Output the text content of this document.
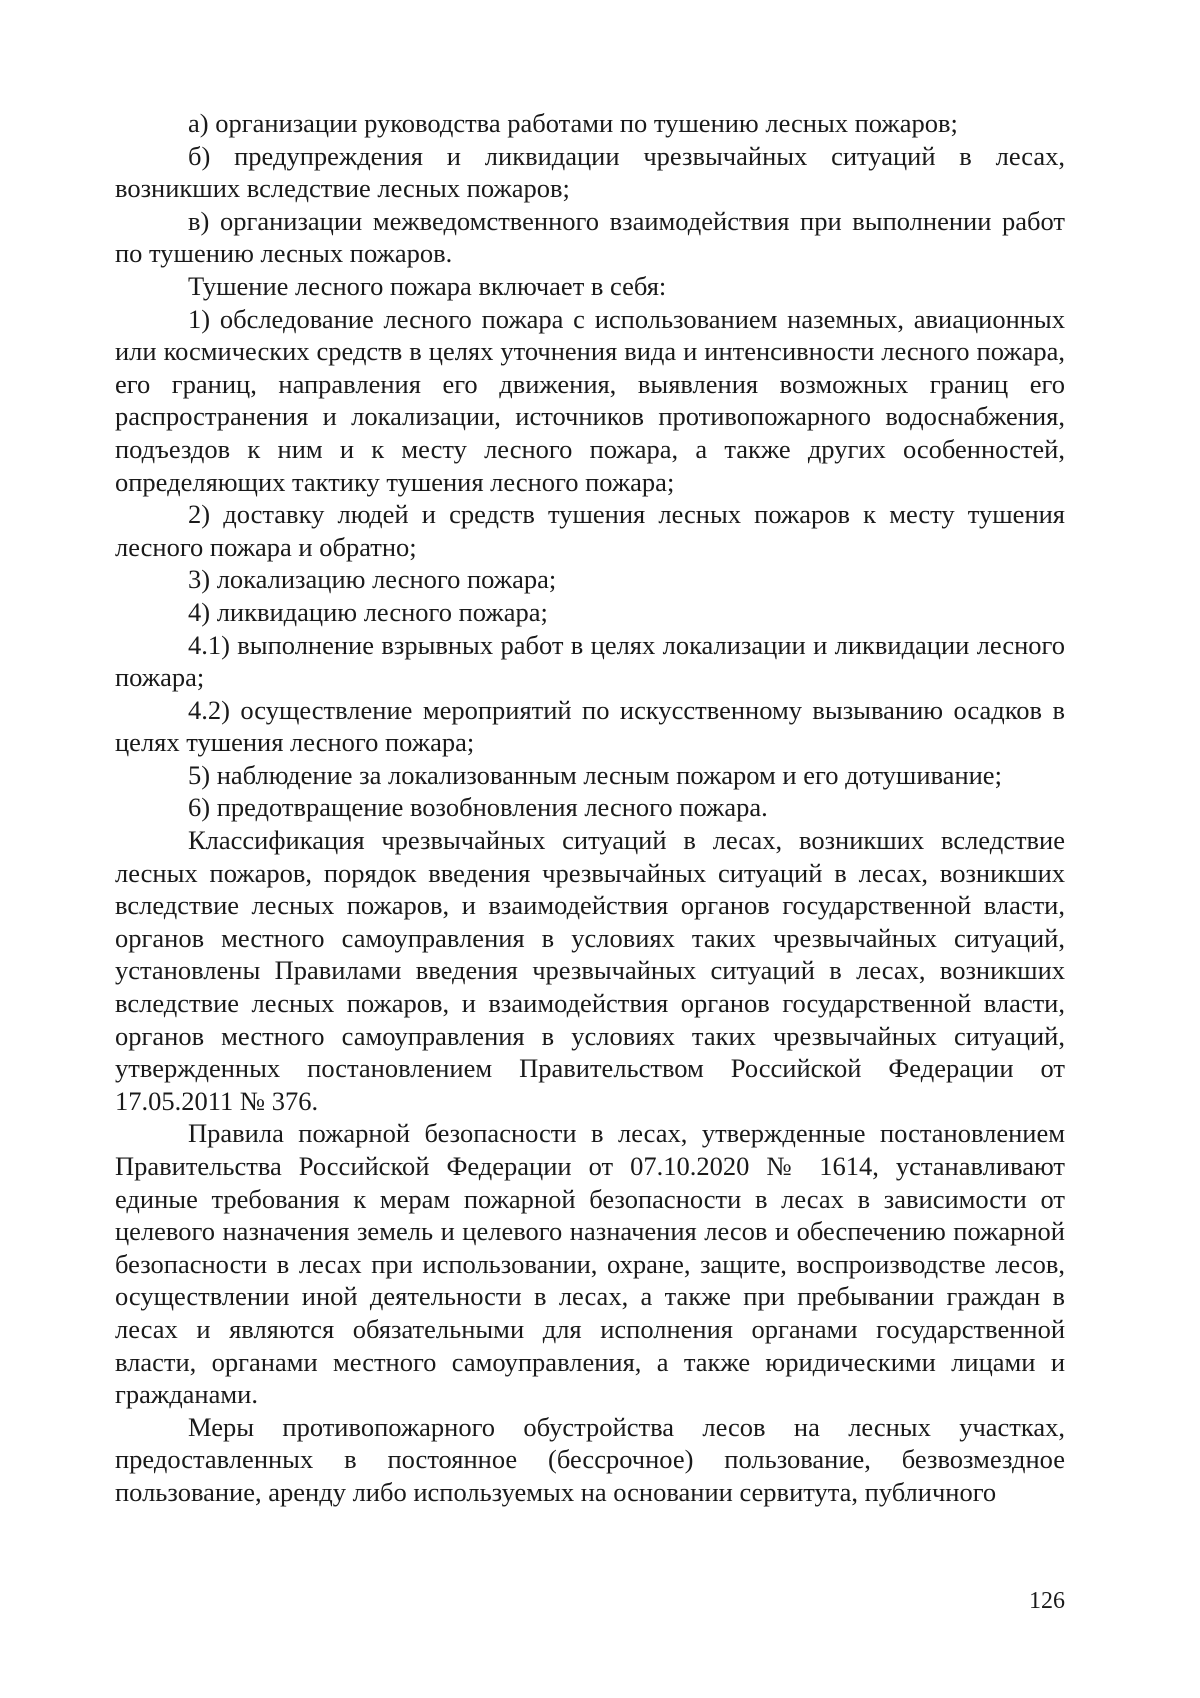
а) организации руководства работами по тушению лесных пожаров;

б) предупреждения и ликвидации чрезвычайных ситуаций в лесах, возникших вследствие лесных пожаров;

в) организации межведомственного взаимодействия при выполнении работ по тушению лесных пожаров.

Тушение лесного пожара включает в себя:

1) обследование лесного пожара с использованием наземных, авиационных или космических средств в целях уточнения вида и интенсивности лесного пожара, его границ, направления его движения, выявления возможных границ его распространения и локализации, источников противопожарного водоснабжения, подъездов к ним и к месту лесного пожара, а также других особенностей, определяющих тактику тушения лесного пожара;

2) доставку людей и средств тушения лесных пожаров к месту тушения лесного пожара и обратно;

3) локализацию лесного пожара;

4) ликвидацию лесного пожара;

4.1) выполнение взрывных работ в целях локализации и ликвидации лесного пожара;

4.2) осуществление мероприятий по искусственному вызыванию осадков в целях тушения лесного пожара;

5) наблюдение за локализованным лесным пожаром и его дотушивание;

6) предотвращение возобновления лесного пожара.

Классификация чрезвычайных ситуаций в лесах, возникших вследствие лесных пожаров, порядок введения чрезвычайных ситуаций в лесах, возникших вследствие лесных пожаров, и взаимодействия органов государственной власти, органов местного самоуправления в условиях таких чрезвычайных ситуаций, установлены Правилами введения чрезвычайных ситуаций в лесах, возникших вследствие лесных пожаров, и взаимодействия органов государственной власти, органов местного самоуправления в условиях таких чрезвычайных ситуаций, утвержденных постановлением Правительством Российской Федерации от 17.05.2011 № 376.

Правила пожарной безопасности в лесах, утвержденные постановлением Правительства Российской Федерации от 07.10.2020 № 1614, устанавливают единые требования к мерам пожарной безопасности в лесах в зависимости от целевого назначения земель и целевого назначения лесов и обеспечению пожарной безопасности в лесах при использовании, охране, защите, воспроизводстве лесов, осуществлении иной деятельности в лесах, а также при пребывании граждан в лесах и являются обязательными для исполнения органами государственной власти, органами местного самоуправления, а также юридическими лицами и гражданами.

Меры противопожарного обустройства лесов на лесных участках, предоставленных в постоянное (бессрочное) пользование, безвозмездное пользование, аренду либо используемых на основании сервитута, публичного

126
